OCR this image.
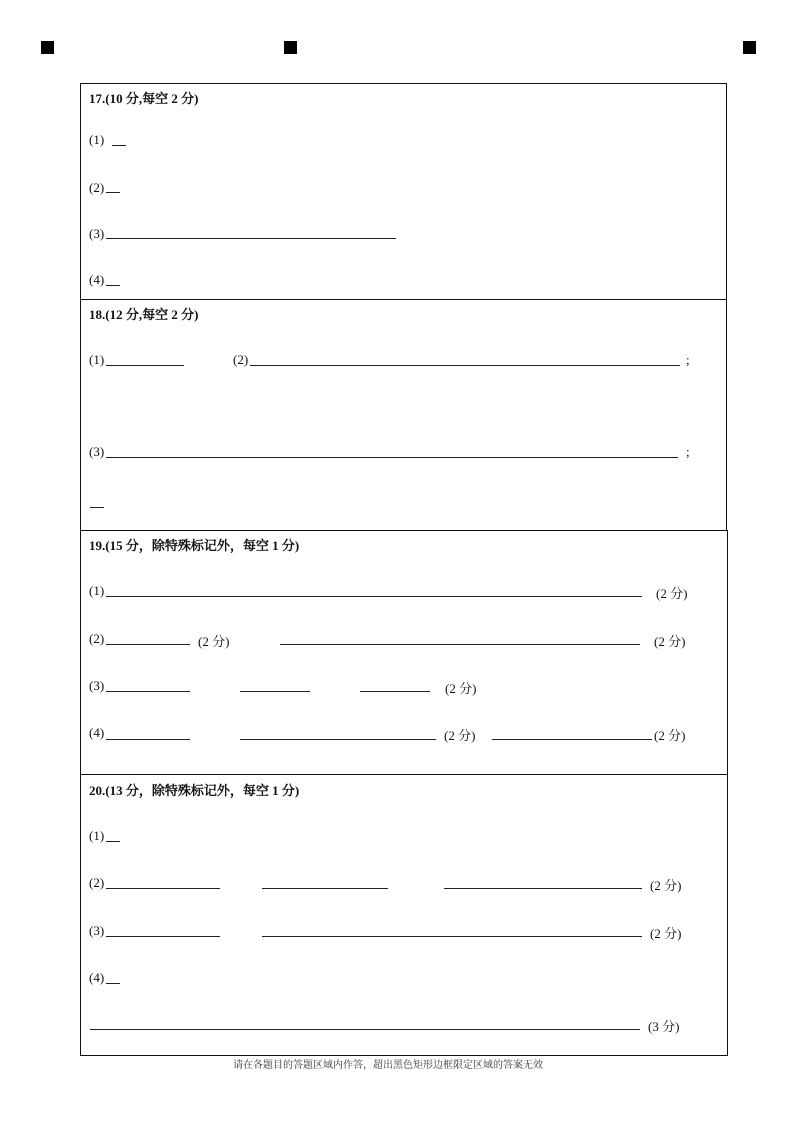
17.(10 分,每空 2 分)
(1)
(2)
(3)
(4)
18.(12 分,每空 2 分)
(1)	(2)	;
(3)	;
19.(15 分，除特殊标记外，每空 1 分)
(1)	(2 分)
(2)	(2 分)	(2 分)
(3)	(2 分)
(4)	(2 分)	(2 分)
20.(13 分，除特殊标记外，每空 1 分)
(1)
(2)	(2 分)
(3)	(2 分)
(4)
(3 分)
请在各题目的答题区域内作答，超出黑色矩形边框限定区域的答案无效
